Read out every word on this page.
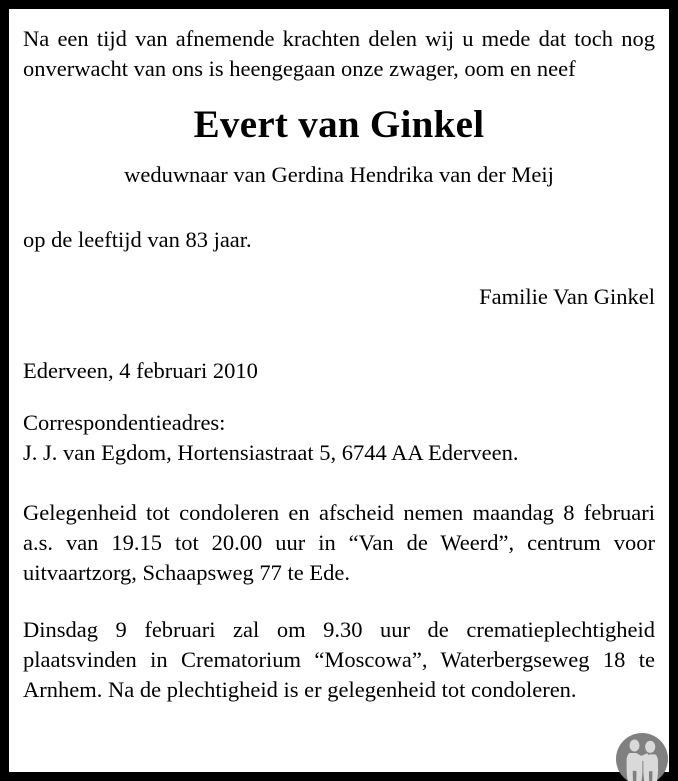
Na een tijd van afnemende krachten delen wij u mede dat toch nog onverwacht van ons is heengegaan onze zwager, oom en neef

Evert van Ginkel

weduwnaar van Gerdina Hendrika van der Meij

op de leeftijd van 83 jaar.

Familie Van Ginkel

Ederveen, 4 februari 2010

Correspondentieadres:
J. J. van Egdom, Hortensiastraat 5, 6744 AA Ederveen.

Gelegenheid tot condoleren en afscheid nemen maandag 8 februari a.s. van 19.15 tot 20.00 uur in “Van de Weerd”, centrum voor uitvaartzorg, Schaapsweg 77 te Ede.

Dinsdag 9 februari zal om 9.30 uur de crematieplechtigheid plaatsvinden in Crematorium “Moscowa”, Waterbergseweg 18 te Arnhem. Na de plechtigheid is er gelegenheid tot condoleren.
